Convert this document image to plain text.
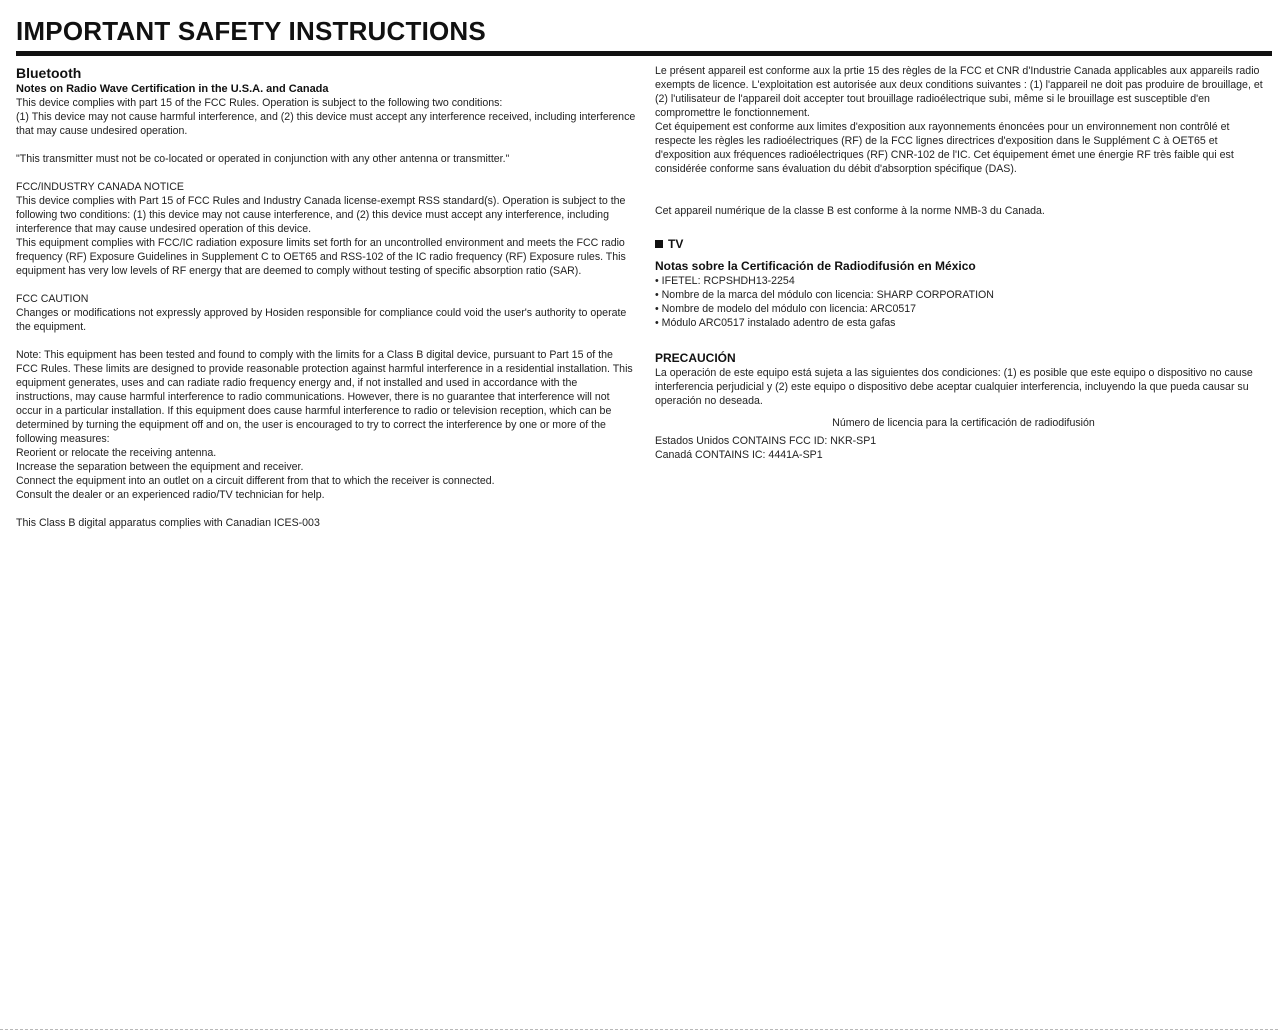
IMPORTANT SAFETY INSTRUCTIONS
Bluetooth
Notes on Radio Wave Certification in the U.S.A. and Canada

This device complies with part 15 of the FCC Rules. Operation is subject to the following two conditions:

(1) This device may not cause harmful interference, and (2) this device must accept any interference received, including interference that may cause undesired operation.

"This transmitter must not be co-located or operated in conjunction with any other antenna or transmitter."

FCC/INDUSTRY CANADA NOTICE

This device complies with Part 15 of FCC Rules and Industry Canada license-exempt RSS standard(s). Operation is subject to the following two conditions: (1) this device may not cause interference, and (2) this device must accept any interference, including interference that may cause undesired operation of this device.

This equipment complies with FCC/IC radiation exposure limits set forth for an uncontrolled environment and meets the FCC radio frequency (RF) Exposure Guidelines in Supplement C to OET65 and RSS-102 of the IC radio frequency (RF) Exposure rules. This equipment has very low levels of RF energy that are deemed to comply without testing of specific absorption ratio (SAR).

FCC CAUTION

Changes or modifications not expressly approved by Hosiden responsible for compliance could void the user's authority to operate the equipment.

Note: This equipment has been tested and found to comply with the limits for a Class B digital device, pursuant to Part 15 of the FCC Rules. These limits are designed to provide reasonable protection against harmful interference in a residential installation. This equipment generates, uses and can radiate radio frequency energy and, if not installed and used in accordance with the instructions, may cause harmful interference to radio communications. However, there is no guarantee that interference will not occur in a particular installation. If this equipment does cause harmful interference to radio or television reception, which can be determined by turning the equipment off and on, the user is encouraged to try to correct the interference by one or more of the following measures:

Reorient or relocate the receiving antenna.

Increase the separation between the equipment and receiver.

Connect the equipment into an outlet on a circuit different from that to which the receiver is connected.

Consult the dealer or an experienced radio/TV technician for help.

This Class B digital apparatus complies with Canadian ICES-003

Le présent appareil est conforme aux la prtie 15 des règles de la FCC et CNR d'Industrie Canada applicables aux appareils radio exempts de licence. L'exploitation est autorisée aux deux conditions suivantes : (1) l'appareil ne doit pas produire de brouillage, et (2) l'utilisateur de l'appareil doit accepter tout brouillage radioélectrique subi, même si le brouillage est susceptible d'en compromettre le fonctionnement.

Cet équipement est conforme aux limites d'exposition aux rayonnements énoncées pour un environnement non contrôlé et respecte les règles les radioélectriques (RF) de la FCC lignes directrices d'exposition dans le Supplément C à OET65 et d'exposition aux fréquences radioélectriques (RF) CNR-102 de l'IC. Cet équipement émet une énergie RF très faible qui est considérée conforme sans évaluation du débit d'absorption spécifique (DAS).

Cet appareil numérique de la classe B est conforme à la norme NMB-3 du Canada.

TV
Notas sobre la Certificación de Radiodifusión en México
• IFETEL: RCPSHDH13-2254
• Nombre de la marca del módulo con licencia: SHARP CORPORATION
• Nombre de modelo del módulo con licencia: ARC0517
• Módulo ARC0517 instalado adentro de esta gafas
PRECAUCIÓN

La operación de este equipo está sujeta a las siguientes dos condiciones: (1) es posible que este equipo o dispositivo no cause interferencia perjudicial y (2) este equipo o dispositivo debe aceptar cualquier interferencia, incluyendo la que pueda causar su operación no deseada.

Número de licencia para la certificación de radiodifusión

Estados Unidos CONTAINS FCC ID: NKR-SP1

Canadá CONTAINS IC: 4441A-SP1
